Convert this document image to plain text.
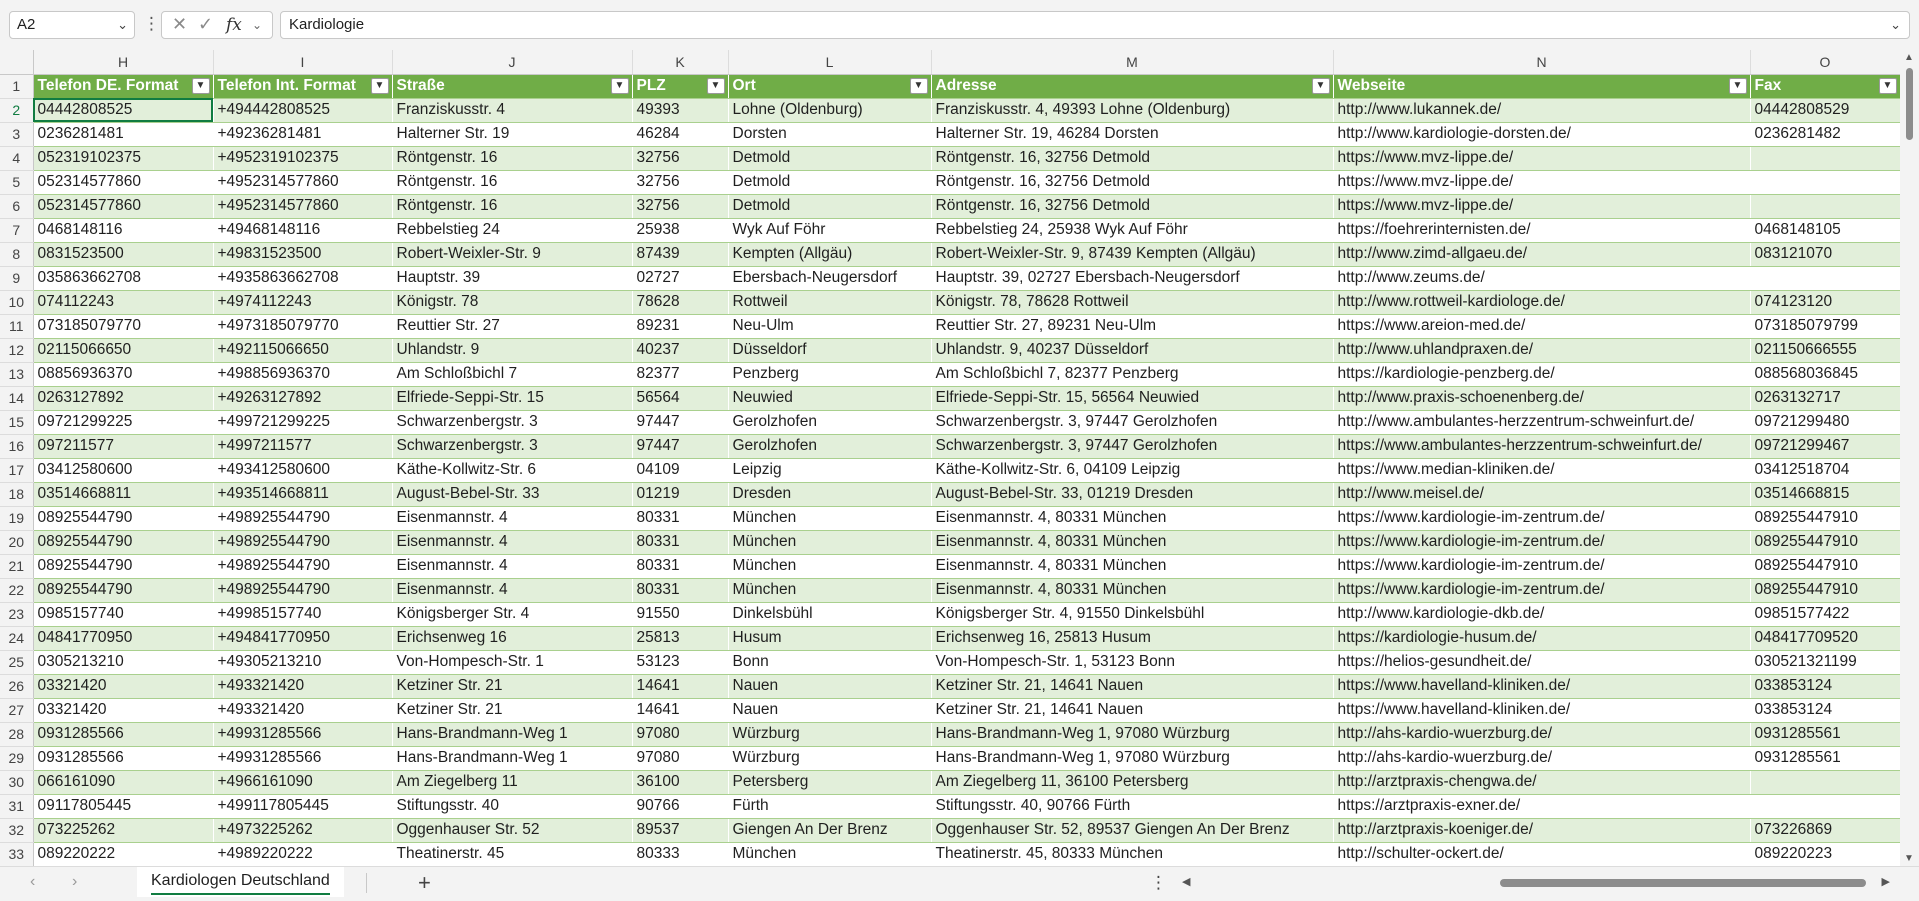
A2	⌄ ⋮ ✕ ✓ fx ⌄	Kardiologie	⌄
	H	I	J	K	L	M	N	O	
1	Telefon DE. Format ▼	Telefon Int. Format ▼	Straße ▼	PLZ ▼	Ort ▼	Adresse ▼	Webseite ▼	Fax ▼	

2	04442808525	+494442808525	Franziskusstr. 4	49393	Lohne (Oldenburg)	Franziskusstr. 4, 49393 Lohne (Oldenburg)	http://www.lukannek.de/	04442808529	
3	0236281481	+49236281481	Halterner Str. 19	46284	Dorsten	Halterner Str. 19, 46284 Dorsten	http://www.kardiologie-dorsten.de/	0236281482	
4	052319102375	+4952319102375	Röntgenstr. 16	32756	Detmold	Röntgenstr. 16, 32756 Detmold	https://www.mvz-lippe.de/		
5	052314577860	+4952314577860	Röntgenstr. 16	32756	Detmold	Röntgenstr. 16, 32756 Detmold	https://www.mvz-lippe.de/		
6	052314577860	+4952314577860	Röntgenstr. 16	32756	Detmold	Röntgenstr. 16, 32756 Detmold	https://www.mvz-lippe.de/		
7	0468148116	+49468148116	Rebbelstieg 24	25938	Wyk Auf Föhr	Rebbelstieg 24, 25938 Wyk Auf Föhr	https://foehrerinternisten.de/	0468148105	
8	0831523500	+49831523500	Robert-Weixler-Str. 9	87439	Kempten (Allgäu)	Robert-Weixler-Str. 9, 87439 Kempten (Allgäu)	http://www.zimd-allgaeu.de/	083121070	
9	035863662708	+4935863662708	Hauptstr. 39	02727	Ebersbach-Neugersdorf	Hauptstr. 39, 02727 Ebersbach-Neugersdorf	http://www.zeums.de/		
10	074112243	+4974112243	Königstr. 78	78628	Rottweil	Königstr. 78, 78628 Rottweil	http://www.rottweil-kardiologe.de/	074123120	
11	073185079770	+4973185079770	Reuttier Str. 27	89231	Neu-Ulm	Reuttier Str. 27, 89231 Neu-Ulm	https://www.areion-med.de/	073185079799	
12	02115066650	+492115066650	Uhlandstr. 9	40237	Düsseldorf	Uhlandstr. 9, 40237 Düsseldorf	http://www.uhlandpraxen.de/	021150666555	
13	08856936370	+498856936370	Am Schloßbichl 7	82377	Penzberg	Am Schloßbichl 7, 82377 Penzberg	https://kardiologie-penzberg.de/	088568036845	
14	0263127892	+49263127892	Elfriede-Seppi-Str. 15	56564	Neuwied	Elfriede-Seppi-Str. 15, 56564 Neuwied	http://www.praxis-schoenenberg.de/	0263132717	
15	09721299225	+499721299225	Schwarzenbergstr. 3	97447	Gerolzhofen	Schwarzenbergstr. 3, 97447 Gerolzhofen	http://www.ambulantes-herzzentrum-schweinfurt.de/	09721299480	
16	097211577	+4997211577	Schwarzenbergstr. 3	97447	Gerolzhofen	Schwarzenbergstr. 3, 97447 Gerolzhofen	https://www.ambulantes-herzzentrum-schweinfurt.de/	09721299467	
17	03412580600	+493412580600	Käthe-Kollwitz-Str. 6	04109	Leipzig	Käthe-Kollwitz-Str. 6, 04109 Leipzig	https://www.median-kliniken.de/	03412518704	
18	03514668811	+493514668811	August-Bebel-Str. 33	01219	Dresden	August-Bebel-Str. 33, 01219 Dresden	http://www.meisel.de/	03514668815	
19	08925544790	+498925544790	Eisenmannstr. 4	80331	München	Eisenmannstr. 4, 80331 München	https://www.kardiologie-im-zentrum.de/	089255447910	
20	08925544790	+498925544790	Eisenmannstr. 4	80331	München	Eisenmannstr. 4, 80331 München	https://www.kardiologie-im-zentrum.de/	089255447910	
21	08925544790	+498925544790	Eisenmannstr. 4	80331	München	Eisenmannstr. 4, 80331 München	https://www.kardiologie-im-zentrum.de/	089255447910	
22	08925544790	+498925544790	Eisenmannstr. 4	80331	München	Eisenmannstr. 4, 80331 München	https://www.kardiologie-im-zentrum.de/	089255447910	
23	0985157740	+49985157740	Königsberger Str. 4	91550	Dinkelsbühl	Königsberger Str. 4, 91550 Dinkelsbühl	http://www.kardiologie-dkb.de/	09851577422	
24	04841770950	+494841770950	Erichsenweg 16	25813	Husum	Erichsenweg 16, 25813 Husum	https://kardiologie-husum.de/	048417709520	
25	0305213210	+49305213210	Von-Hompesch-Str. 1	53123	Bonn	Von-Hompesch-Str. 1, 53123 Bonn	https://helios-gesundheit.de/	030521321199	
26	03321420	+493321420	Ketziner Str. 21	14641	Nauen	Ketziner Str. 21, 14641 Nauen	https://www.havelland-kliniken.de/	033853124	
27	03321420	+493321420	Ketziner Str. 21	14641	Nauen	Ketziner Str. 21, 14641 Nauen	https://www.havelland-kliniken.de/	033853124	
28	0931285566	+49931285566	Hans-Brandmann-Weg 1	97080	Würzburg	Hans-Brandmann-Weg 1, 97080 Würzburg	http://ahs-kardio-wuerzburg.de/	0931285561	
29	0931285566	+49931285566	Hans-Brandmann-Weg 1	97080	Würzburg	Hans-Brandmann-Weg 1, 97080 Würzburg	http://ahs-kardio-wuerzburg.de/	0931285561	
30	066161090	+4966161090	Am Ziegelberg 11	36100	Petersberg	Am Ziegelberg 11, 36100 Petersberg	http://arztpraxis-chengwa.de/		
31	09117805445	+499117805445	Stiftungsstr. 40	90766	Fürth	Stiftungsstr. 40, 90766 Fürth	https://arztpraxis-exner.de/		
32	073225262	+4973225262	Oggenhauser Str. 52	89537	Giengen An Der Brenz	Oggenhauser Str. 52, 89537 Giengen An Der Brenz	http://arztpraxis-koeniger.de/	073226869	
33	089220222	+4989220222	Theatinerstr. 45	80333	München	Theatinerstr. 45, 80333 München	http://schulter-ockert.de/	089220223	
▲
▼
‹ ›	Kardiologen Deutschland	+	⋮ ◀	▶
